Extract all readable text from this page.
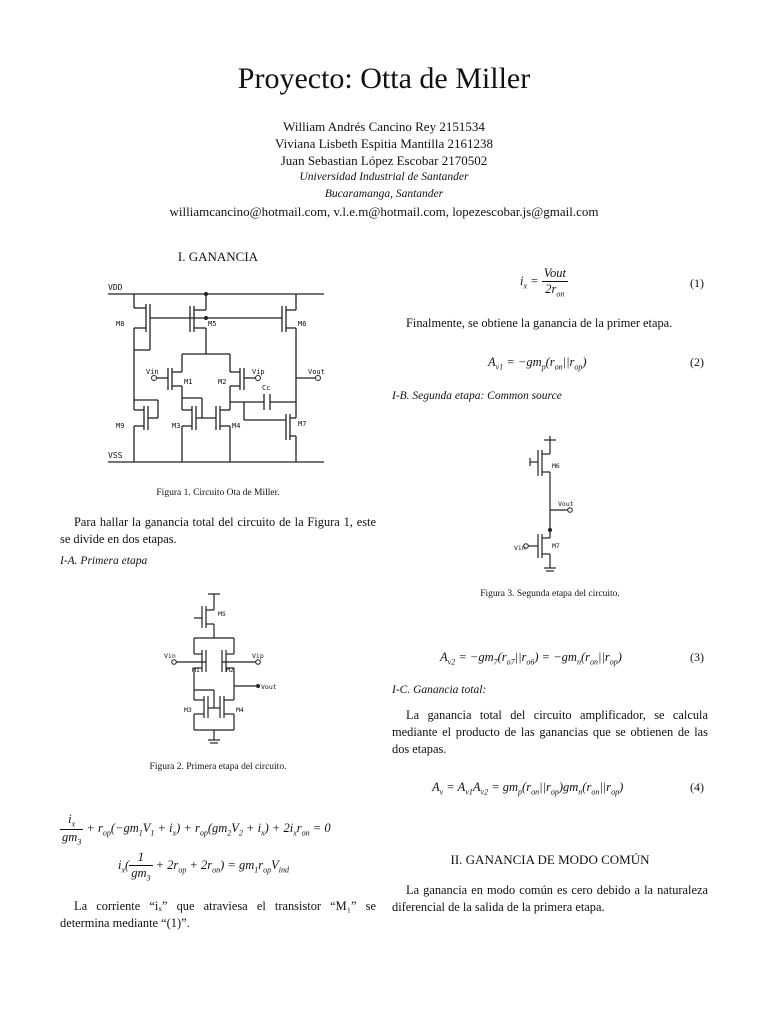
Proyecto: Otta de Miller
William Andrés Cancino Rey 2151534
Viviana Lisbeth Espitia Mantilla 2161238
Juan Sebastian López Escobar 2170502
Universidad Industrial de Santander
Bucaramanga, Santander
williamcancino@hotmail.com, v.l.e.m@hotmail.com, lopezescobar.js@gmail.com
I. GANANCIA
VDD
VSS
M8	M5	M6
M1	M2
M3	M4	M7
M9
Vin	Vip	Vout
Cc
Figura 1. Circuito Ota de Miller.
Para hallar la ganancia total del circuito de la Figura 1, este se divide en dos etapas.
I-A. Primera etapa
M5
M1	M2
M3	M4
Vin	Vip
Vout
Figura 2. Primera etapa del circuito.
$\frac{i_x}{gm_3} + r_{op}(-gm_1V_1 + i_x) + r_{op}(gm_2V_2 + i_x) + 2i_xr_{on} = 0$
$i_x( \frac{1}{gm_3} + 2r_{op} + 2r_{on}) = gm_1r_{op}V_{ind}$
La corriente “iₓ” que atraviesa el transistor “M₁” se determina mediante “(1)”.
$i_x = \frac{\text{Vout}}{2r_{on}}$	(1)
Finalmente, se obtiene la ganancia de la primer etapa.
$A_{v1} = -gm_p(r_{on}||r_{op})$	(2)
I-B. Segunda etapa: Common source
M6
M7
Vout
Vin
Figura 3. Segunda etapa del circuito.
$A_{v2} = -gm_7(r_{o7}||r_{o6}) = -gm_n(r_{on}||r_{op})$	(3)
I-C. Ganancia total:
La ganancia total del circuito amplificador, se calcula mediante el producto de las ganancias que se obtienen de las dos etapas.
$A_v = A_{v1}A_{v2} = gm_p(r_{on}||r_{op})gm_n(r_{on}||r_{op})$	(4)
II. GANANCIA DE MODO COMÚN
La ganancia en modo común es cero debido a la naturaleza diferencial de la salida de la primera etapa.
